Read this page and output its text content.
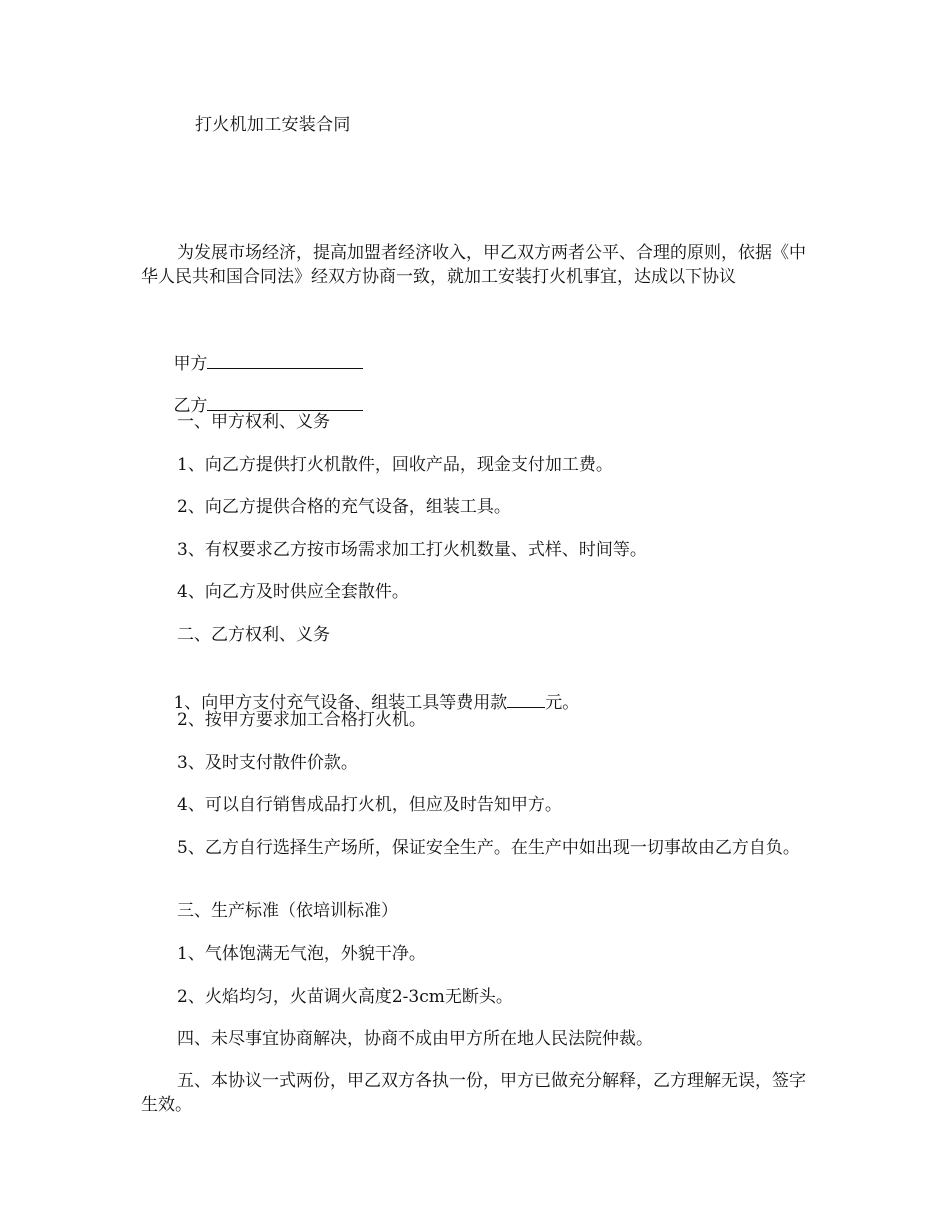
打火机加工安装合同

为发展市场经济，提高加盟者经济收入，甲乙双方两者公平、合理的原则，依据《中华人民共和国合同法》经双方协商一致，就加工安装打火机事宜，达成以下协议

甲方

乙方

一、甲方权利、义务

1、向乙方提供打火机散件，回收产品，现金支付加工费。

2、向乙方提供合格的充气设备，组装工具。

3、有权要求乙方按市场需求加工打火机数量、式样、时间等。

4、向乙方及时供应全套散件。

二、乙方权利、义务

1、向甲方支付充气设备、组装工具等费用款 元。

2、按甲方要求加工合格打火机。

3、及时支付散件价款。

4、可以自行销售成品打火机，但应及时告知甲方。

5、乙方自行选择生产场所，保证安全生产。在生产中如出现一切事故由乙方自负。

三、生产标准（依培训标准）

1、气体饱满无气泡，外貌干净。

2、火焰均匀，火苗调火高度2-3cm无断头。

四、未尽事宜协商解决，协商不成由甲方所在地人民法院仲裁。

五、本协议一式两份，甲乙双方各执一份，甲方已做充分解释，乙方理解无误，签字生效。
